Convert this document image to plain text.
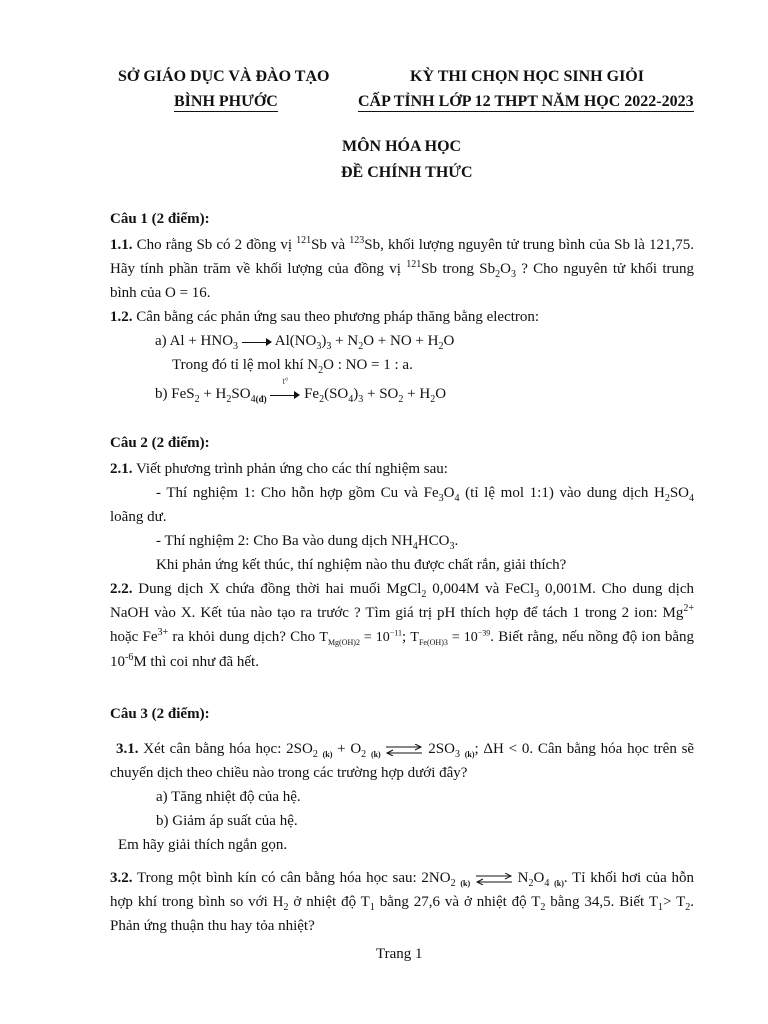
SỞ GIÁO DỤC VÀ ĐÀO TẠO
BÌNH PHƯỚC
KỲ THI CHỌN HỌC SINH GIỎI
CẤP TỈNH LỚP 12 THPT NĂM HỌC 2022-2023
MÔN HÓA HỌC
ĐỀ CHÍNH THỨC
Câu 1 (2 điểm):
1.1. Cho rằng Sb có 2 đồng vị $^{121}$Sb và $^{123}$Sb, khối lượng nguyên tử trung bình của Sb là 121,75. Hãy tính phần trăm về khối lượng của đồng vị $^{121}$Sb trong $Sb_2O_3$ ? Cho nguyên tử khối trung bình của O = 16.
1.2. Cân bằng các phản ứng sau theo phương pháp thăng bằng electron:
a) $Al + HNO_3$ $Al(NO_3)_3 + N_2O$ + NO + $H_2O$
Trong đó tỉ lệ mol khí $N_2O$ : NO = 1 : a.
b) $FeS_2 + H_2SO_{4(đ)}$
t°
$Fe_2(SO_4)_3 + SO_2 + H_2O$
Câu 2 (2 điểm):
2.1. Viết phương trình phản ứng cho các thí nghiệm sau:
- Thí nghiệm 1: Cho hỗn hợp gồm Cu và $Fe_3O_4$ (tỉ lệ mol 1:1) vào dung dịch $H_2SO_4$ loãng dư.
- Thí nghiệm 2: Cho Ba vào dung dịch $NH_4HCO_3$.
Khi phản ứng kết thúc, thí nghiệm nào thu được chất rắn, giải thích?
2.2. Dung dịch X chứa đồng thời hai muối MgCl$_2$ 0,004M và FeCl$_3$ 0,001M. Cho dung dịch NaOH vào X. Kết tủa nào tạo ra trước ? Tìm giá trị pH thích hợp để tách 1 trong 2 ion: $Mg^{2+}$ hoặc $Fe^{3+}$ ra khỏi dung dịch? Cho $T_{Mg(OH)2} = 10^{-11}$; $T_{Fe(OH)3} = 10^{-39}$. Biết rằng, nếu nồng độ ion bằng $10^{-6}M$ thì coi như đã hết.
Câu 3 (2 điểm):
3.1. Xét cân bằng hóa học: $2SO_2$ $_{(k)} + O_2$ $_{(k)}$ ⇌ $2SO_3$ $_{(k)}$; ΔH < 0. Cân bằng hóa học trên sẽ chuyển dịch theo chiều nào trong các trường hợp dưới đây?
a) Tăng nhiệt độ của hệ.
b) Giảm áp suất của hệ.
Em hãy giải thích ngắn gọn.
3.2. Trong một bình kín có cân bằng hóa học sau: $2NO_2$ $_{(k)}$ ⇌ $N_2O_4$ $_{(k)}$. Tỉ khối hơi của hỗn hợp khí trong bình so với $H_2$ ở nhiệt độ $T_1$ bằng 27,6 và ở nhiệt độ $T_2$ bằng 34,5. Biết $T_1> T_2$. Phản ứng thuận thu hay tỏa nhiệt?
Trang 1
